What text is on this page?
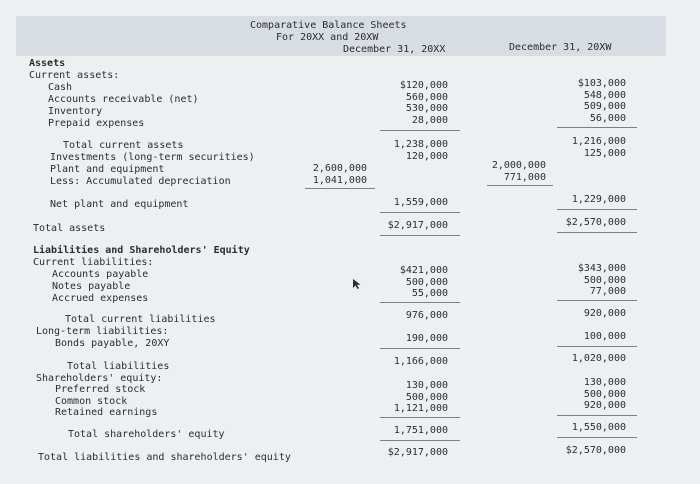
Comparative Balance Sheets
For 20XX and 20XW
December 31, 20XX	December 31, 20XW
Assets
Current assets:
Cash
Accounts receivable (net)
Inventory
Prepaid expenses
Total current assets
Investments (long-term securities)
Plant and equipment
Less: Accumulated depreciation
Net plant and equipment
Total assets
Liabilities and Shareholders' Equity
Current liabilities:
Accounts payable
Notes payable
Accrued expenses
Total current liabilities
Long-term liabilities:
Bonds payable, 20XY
Total liabilities
Shareholders' equity:
Preferred stock
Common stock
Retained earnings
Total shareholders' equity
Total liabilities and shareholders' equity
$120,000
560,000
530,000
28,000
1,238,000
120,000
2,600,000
1,041,000
1,559,000
$2,917,000
$421,000
500,000
55,000
976,000
190,000
1,166,000
130,000
500,000
1,121,000
1,751,000
$2,917,000
$103,000
548,000
509,000
56,000
1,216,000
125,000
2,000,000
771,000
1,229,000
$2,570,000
$343,000
500,000
77,000
920,000
100,000
1,020,000
130,000
500,000
920,000
1,550,000
$2,570,000
